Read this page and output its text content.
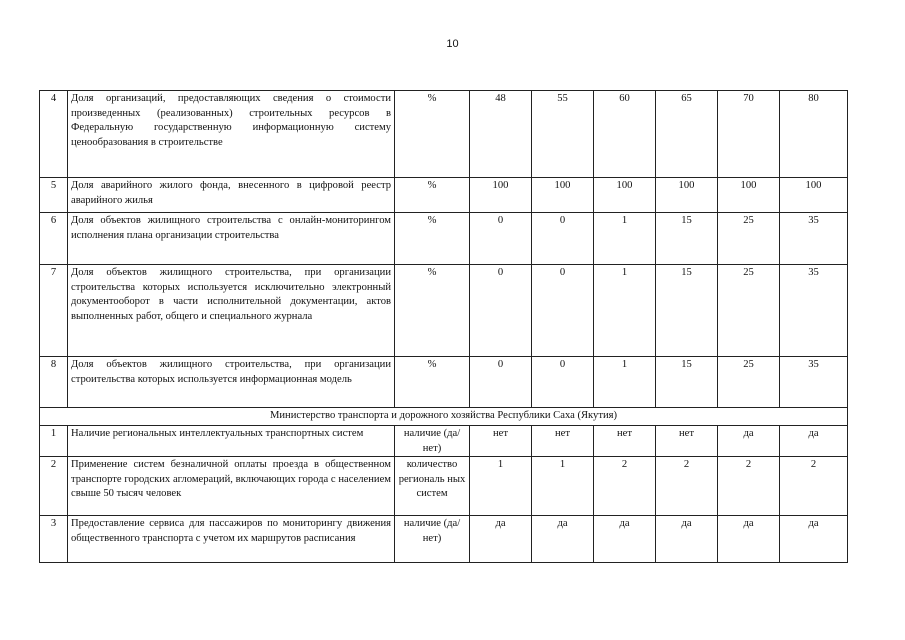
10
4	Доля организаций, предоставляющих сведения о стоимости произведенных (реализованных) строительных ресурсов в Федеральную государственную информационную систему ценообразования в строительстве	%	48	55	60	65	70	80
5	Доля аварийного жилого фонда, внесенного в цифровой реестр аварийного жилья	%	100	100	100	100	100	100
6	Доля объектов жилищного строительства с онлайн-мониторингом исполнения плана организации строительства	%	0	0	1	15	25	35
7	Доля объектов жилищного строительства, при организации строительства которых используется исключительно электронный документооборот в части исполнительной документации, актов выполненных работ, общего и специального журнала	%	0	0	1	15	25	35
8	Доля объектов жилищного строительства, при организации строительства которых используется информационная модель	%	0	0	1	15	25	35
Министерство транспорта и дорожного хозяйства Республики Саха (Якутия)								
1	Наличие региональных интеллектуальных транспортных систем	наличие (да/нет)	нет	нет	нет	нет	да	да
2	Применение систем безналичной оплаты проезда в общественном транспорте городских агломераций, включающих города с населением свыше 50 тысяч человек	количество региональ ных систем	1	1	2	2	2	2
3	Предоставление сервиса для пассажиров по мониторингу движения общественного транспорта с учетом их маршрутов расписания	наличие (да/нет)	да	да	да	да	да	да
